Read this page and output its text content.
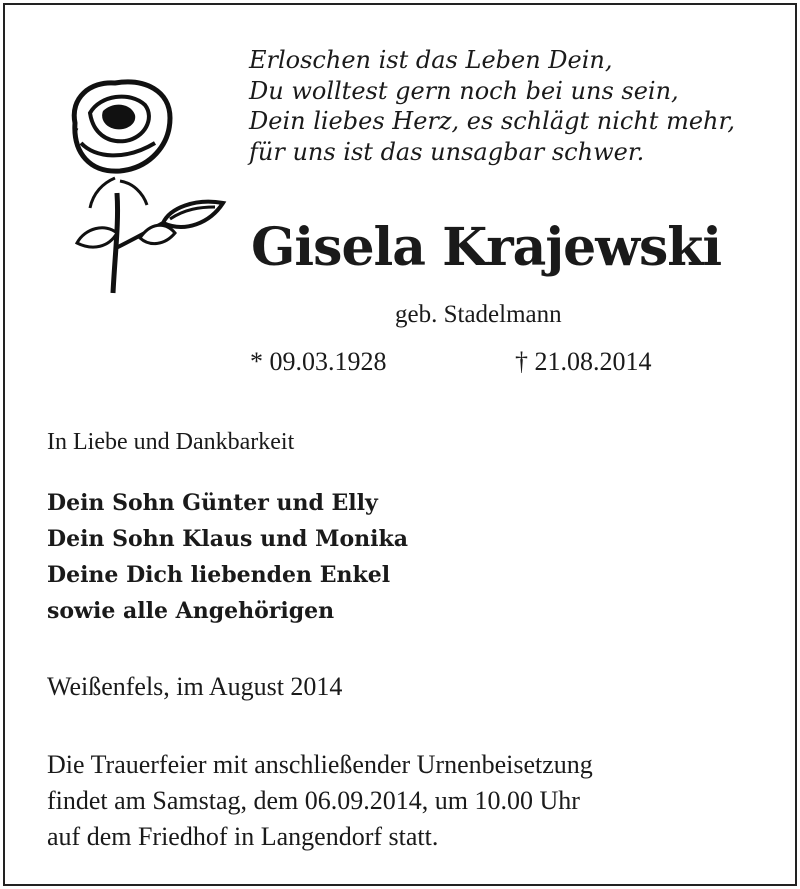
Erloschen ist das Leben Dein,
Du wolltest gern noch bei uns sein,
Dein liebes Herz, es schlägt nicht mehr,
für uns ist das unsagbar schwer.
Gisela Krajewski
geb. Stadelmann
* 09.03.1928	† 21.08.2014
In Liebe und Dankbarkeit
Dein Sohn Günter und Elly
Dein Sohn Klaus und Monika
Deine Dich liebenden Enkel
sowie alle Angehörigen
Weißenfels, im August 2014
Die Trauerfeier mit anschließender Urnenbeisetzung
findet am Samstag, dem 06.09.2014, um 10.00 Uhr
auf dem Friedhof in Langendorf statt.
